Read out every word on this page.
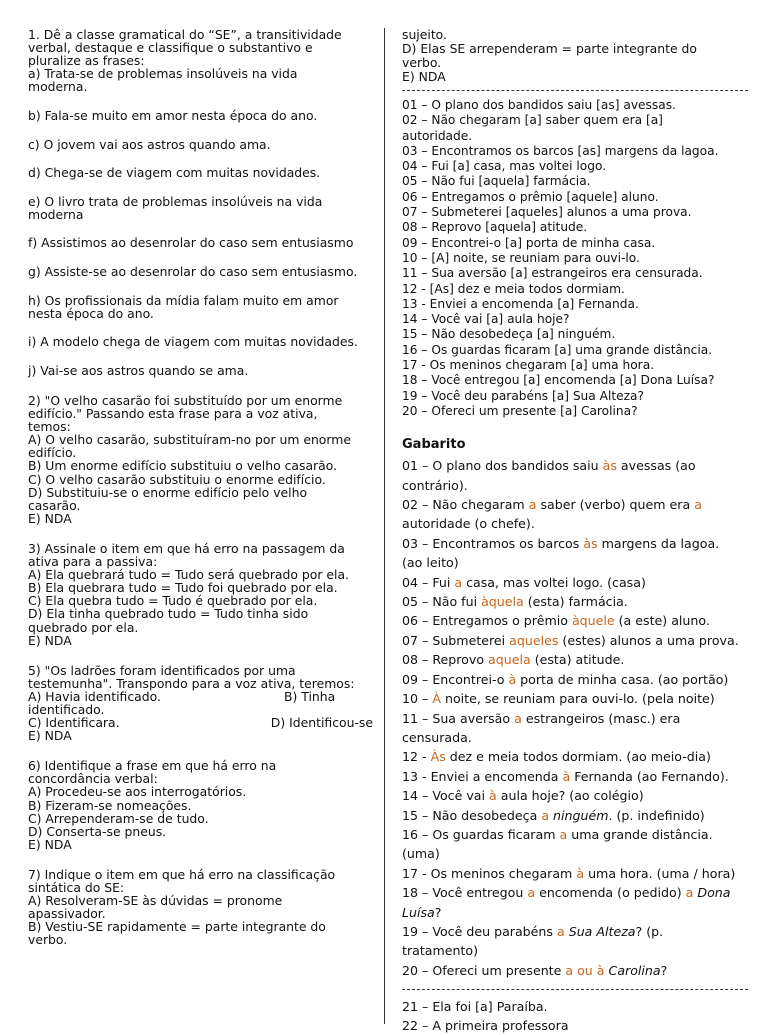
1. Dê a classe gramatical do “SE”, a transitividade
verbal, destaque e classifique o substantivo e
pluralize as frases:
a) Trata-se de problemas insolúveis na vida
moderna.
b) Fala-se muito em amor nesta época do ano.
c) O jovem vai aos astros quando ama.
d) Chega-se de viagem com muitas novidades.
e) O livro trata de problemas insolúveis na vida
moderna
f) Assistimos ao desenrolar do caso sem entusiasmo
g) Assiste-se ao desenrolar do caso sem entusiasmo.
h) Os profissionais da mídia falam muito em amor
nesta época do ano.
i) A modelo chega de viagem com muitas novidades.
j) Vai-se aos astros quando se ama.
2) "O velho casarão foi substituído por um enorme
edifício." Passando esta frase para a voz ativa,
temos:
A) O velho casarão, substituíram-no por um enorme
edifício.
B) Um enorme edifício substituiu o velho casarão.
C) O velho casarão substituiu o enorme edifício.
D) Substituiu-se o enorme edifício pelo velho
casarão.
E) NDA
3) Assinale o item em que há erro na passagem da
ativa para a passiva:
A) Ela quebrará tudo = Tudo será quebrado por ela.
B) Ela quebrara tudo = Tudo foi quebrado por ela.
C) Ela quebra tudo = Tudo é quebrado por ela.
D) Ela tinha quebrado tudo = Tudo tinha sido
quebrado por ela.
E) NDA
5) "Os ladrões foram identificados por uma
testemunha". Transpondo para a voz ativa, teremos:
A) Havia identificado.	B) Tinha
identificado.
C) Identificara.	D) Identificou-se
E) NDA
6) Identifique a frase em que há erro na
concordância verbal:
A) Procedeu-se aos interrogatórios.
B) Fizeram-se nomeações.
C) Arrependeram-se de tudo.
D) Conserta-se pneus.
E) NDA
7) Indique o item em que há erro na classificação
sintática do SE:
A) Resolveram-SE às dúvidas = pronome
apassivador.
B) Vestiu-SE rapidamente = parte integrante do
verbo.
sujeito.
D) Elas SE arrependeram = parte integrante do
verbo.
E) NDA
01 – O plano dos bandidos saiu [as] avessas.
02 – Não chegaram [a] saber quem era [a]
autoridade.
03 – Encontramos os barcos [as] margens da lagoa.
04 – Fui [a] casa, mas voltei logo.
05 – Não fui [aquela] farmácia.
06 – Entregamos o prêmio [aquele] aluno.
07 – Submeterei [aqueles] alunos a uma prova.
08 – Reprovo [aquela] atitude.
09 – Encontrei-o [a] porta de minha casa.
10 – [A] noite, se reuniam para ouvi-lo.
11 – Sua aversão [a] estrangeiros era censurada.
12 - [As] dez e meia todos dormiam.
13 - Enviei a encomenda [a] Fernanda.
14 – Você vai [a] aula hoje?
15 – Não desobedeça [a] ninguém.
16 – Os guardas ficaram [a] uma grande distância.
17 - Os meninos chegaram [a] uma hora.
18 – Você entregou [a] encomenda [a] Dona Luísa?
19 – Você deu parabéns [a] Sua Alteza?
20 – Ofereci um presente [a] Carolina?
Gabarito
01 – O plano dos bandidos saiu às avessas (ao
contrário).
02 – Não chegaram a saber (verbo) quem era a
autoridade (o chefe).
03 – Encontramos os barcos às margens da lagoa.
(ao leito)
04 – Fui a casa, mas voltei logo. (casa)
05 – Não fui àquela (esta) farmácia.
06 – Entregamos o prêmio àquele (a este) aluno.
07 – Submeterei aqueles (estes) alunos a uma prova.
08 – Reprovo aquela (esta) atitude.
09 – Encontrei-o à porta de minha casa. (ao portão)
10 – À noite, se reuniam para ouvi-lo. (pela noite)
11 – Sua aversão a estrangeiros (masc.) era
censurada.
12 - Às dez e meia todos dormiam. (ao meio-dia)
13 - Enviei a encomenda à Fernanda (ao Fernando).
14 – Você vai à aula hoje? (ao colégio)
15 – Não desobedeça a ninguém. (p. indefinido)
16 – Os guardas ficaram a uma grande distância.
(uma)
17 - Os meninos chegaram à uma hora. (uma / hora)
18 – Você entregou a encomenda (o pedido) a Dona
Luísa?
19 – Você deu parabéns a Sua Alteza? (p.
tratamento)
20 – Ofereci um presente a ou à Carolina?
21 – Ela foi [a] Paraíba.
22 – A primeira professora
